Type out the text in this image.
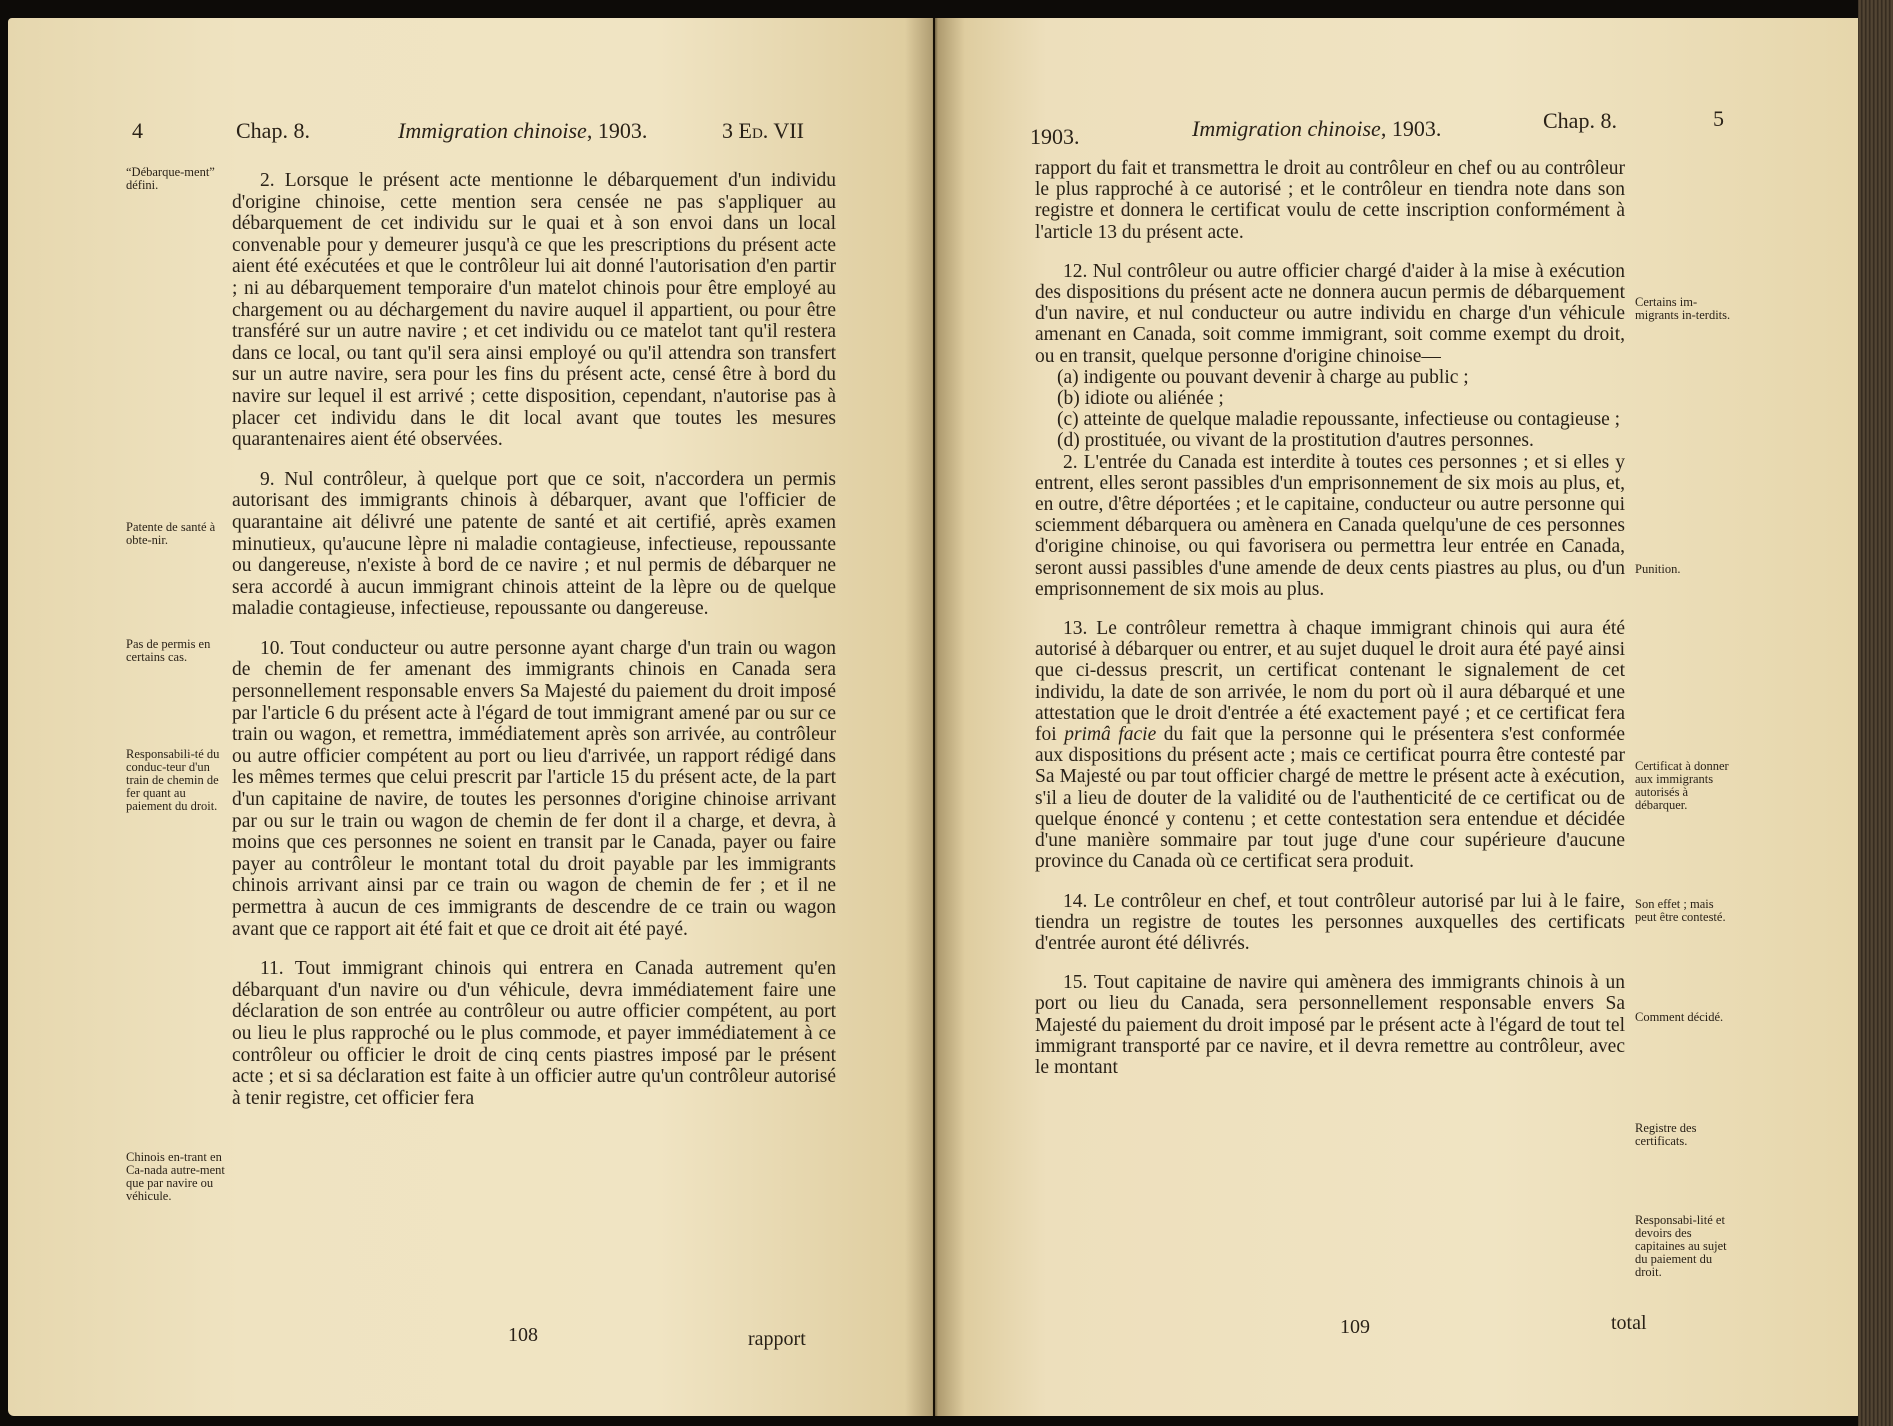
4	Chap. 8.	Immigration chinoise, 1903.	3 Ed. VII
“Débarque-ment” défini.
Patente de santé à obte-nir.
Pas de permis en certains cas.
Responsabili-té du conduc-teur d'un train de chemin de fer quant au paiement du droit.
Chinois en-trant en Ca-nada autre-ment que par navire ou véhicule.

2. Lorsque le présent acte mentionne le débarquement d'un individu d'origine chinoise, cette mention sera censée ne pas s'appliquer au débarquement de cet individu sur le quai et à son envoi dans un local convenable pour y demeurer jusqu'à ce que les prescriptions du présent acte aient été exécutées et que le contrôleur lui ait donné l'autorisation d'en partir ; ni au débarquement temporaire d'un matelot chinois pour être employé au chargement ou au déchargement du navire auquel il appartient, ou pour être transféré sur un autre navire ; et cet individu ou ce matelot tant qu'il restera dans ce local, ou tant qu'il sera ainsi employé ou qu'il attendra son transfert sur un autre navire, sera pour les fins du présent acte, censé être à bord du navire sur lequel il est arrivé ; cette disposition, cependant, n'autorise pas à placer cet individu dans le dit local avant que toutes les mesures quarantenaires aient été observées.

9. Nul contrôleur, à quelque port que ce soit, n'accordera un permis autorisant des immigrants chinois à débarquer, avant que l'officier de quarantaine ait délivré une patente de santé et ait certifié, après examen minutieux, qu'aucune lèpre ni maladie contagieuse, infectieuse, repoussante ou dangereuse, n'existe à bord de ce navire ; et nul permis de débarquer ne sera accordé à aucun immigrant chinois atteint de la lèpre ou de quelque maladie contagieuse, infectieuse, repoussante ou dangereuse.

10. Tout conducteur ou autre personne ayant charge d'un train ou wagon de chemin de fer amenant des immigrants chinois en Canada sera personnellement responsable envers Sa Majesté du paiement du droit imposé par l'article 6 du présent acte à l'égard de tout immigrant amené par ou sur ce train ou wagon, et remettra, immédiatement après son arrivée, au contrôleur ou autre officier compétent au port ou lieu d'arrivée, un rapport rédigé dans les mêmes termes que celui prescrit par l'article 15 du présent acte, de la part d'un capitaine de navire, de toutes les personnes d'origine chinoise arrivant par ou sur le train ou wagon de chemin de fer dont il a charge, et devra, à moins que ces personnes ne soient en transit par le Canada, payer ou faire payer au contrôleur le montant total du droit payable par les immigrants chinois arrivant ainsi par ce train ou wagon de chemin de fer ; et il ne permettra à aucun de ces immigrants de descendre de ce train ou wagon avant que ce rapport ait été fait et que ce droit ait été payé.

11. Tout immigrant chinois qui entrera en Canada autrement qu'en débarquant d'un navire ou d'un véhicule, devra immédiatement faire une déclaration de son entrée au contrôleur ou autre officier compétent, au port ou lieu le plus rapproché ou le plus commode, et payer immédiatement à ce contrôleur ou officier le droit de cinq cents piastres imposé par le présent acte ; et si sa déclaration est faite à un officier autre qu'un contrôleur autorisé à tenir registre, cet officier fera

108	rapport
1903.	Immigration chinoise, 1903.	Chap. 8.	5
Certains im-migrants in-terdits.
Punition.
Certificat à donner aux immigrants autorisés à débarquer.
Son effet ; mais peut être contesté.
Comment décidé.
Registre des certificats.
Responsabi-lité et devoirs des capitaines au sujet du paiement du droit.

rapport du fait et transmettra le droit au contrôleur en chef ou au contrôleur le plus rapproché à ce autorisé ; et le contrôleur en tiendra note dans son registre et donnera le certificat voulu de cette inscription conformément à l'article 13 du présent acte.

12. Nul contrôleur ou autre officier chargé d'aider à la mise à exécution des dispositions du présent acte ne donnera aucun permis de débarquement d'un navire, et nul conducteur ou autre individu en charge d'un véhicule amenant en Canada, soit comme immigrant, soit comme exempt du droit, ou en transit, quelque personne d'origine chinoise—

(a) indigente ou pouvant devenir à charge au public ;

(b) idiote ou aliénée ;

(c) atteinte de quelque maladie repoussante, infectieuse ou contagieuse ;

(d) prostituée, ou vivant de la prostitution d'autres personnes.

2. L'entrée du Canada est interdite à toutes ces personnes ; et si elles y entrent, elles seront passibles d'un emprisonnement de six mois au plus, et, en outre, d'être déportées ; et le capitaine, conducteur ou autre personne qui sciemment débarquera ou amènera en Canada quelqu'une de ces personnes d'origine chinoise, ou qui favorisera ou permettra leur entrée en Canada, seront aussi passibles d'une amende de deux cents piastres au plus, ou d'un emprisonnement de six mois au plus.

13. Le contrôleur remettra à chaque immigrant chinois qui aura été autorisé à débarquer ou entrer, et au sujet duquel le droit aura été payé ainsi que ci-dessus prescrit, un certificat contenant le signalement de cet individu, la date de son arrivée, le nom du port où il aura débarqué et une attestation que le droit d'entrée a été exactement payé ; et ce certificat fera foi primâ facie du fait que la personne qui le présentera s'est conformée aux dispositions du présent acte ; mais ce certificat pourra être contesté par Sa Majesté ou par tout officier chargé de mettre le présent acte à exécution, s'il a lieu de douter de la validité ou de l'authenticité de ce certificat ou de quelque énoncé y contenu ; et cette contestation sera entendue et décidée d'une manière sommaire par tout juge d'une cour supérieure d'aucune province du Canada où ce certificat sera produit.

14. Le contrôleur en chef, et tout contrôleur autorisé par lui à le faire, tiendra un registre de toutes les personnes auxquelles des certificats d'entrée auront été délivrés.

15. Tout capitaine de navire qui amènera des immigrants chinois à un port ou lieu du Canada, sera personnellement responsable envers Sa Majesté du paiement du droit imposé par le présent acte à l'égard de tout tel immigrant transporté par ce navire, et il devra remettre au contrôleur, avec le montant

109	total
